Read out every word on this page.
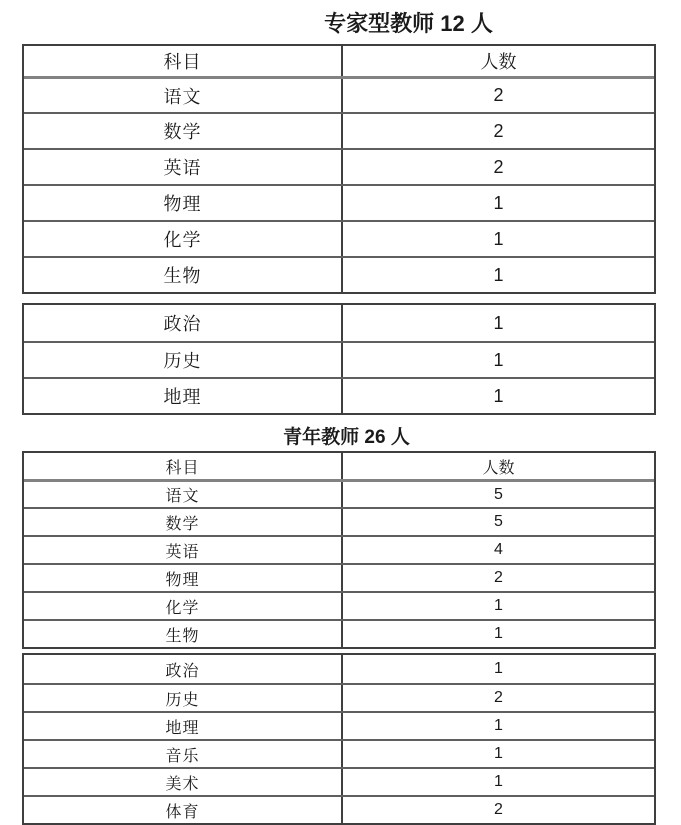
专家型教师 12 人
科目	人数
语文	2
数学	2
英语	2
物理	1
化学	1
生物	1
政治	1
历史	1
地理	1
青年教师 26 人
科目	人数
语文	5
数学	5
英语	4
物理	2
化学	1
生物	1
政治	1
历史	2
地理	1
音乐	1
美术	1
体育	2
